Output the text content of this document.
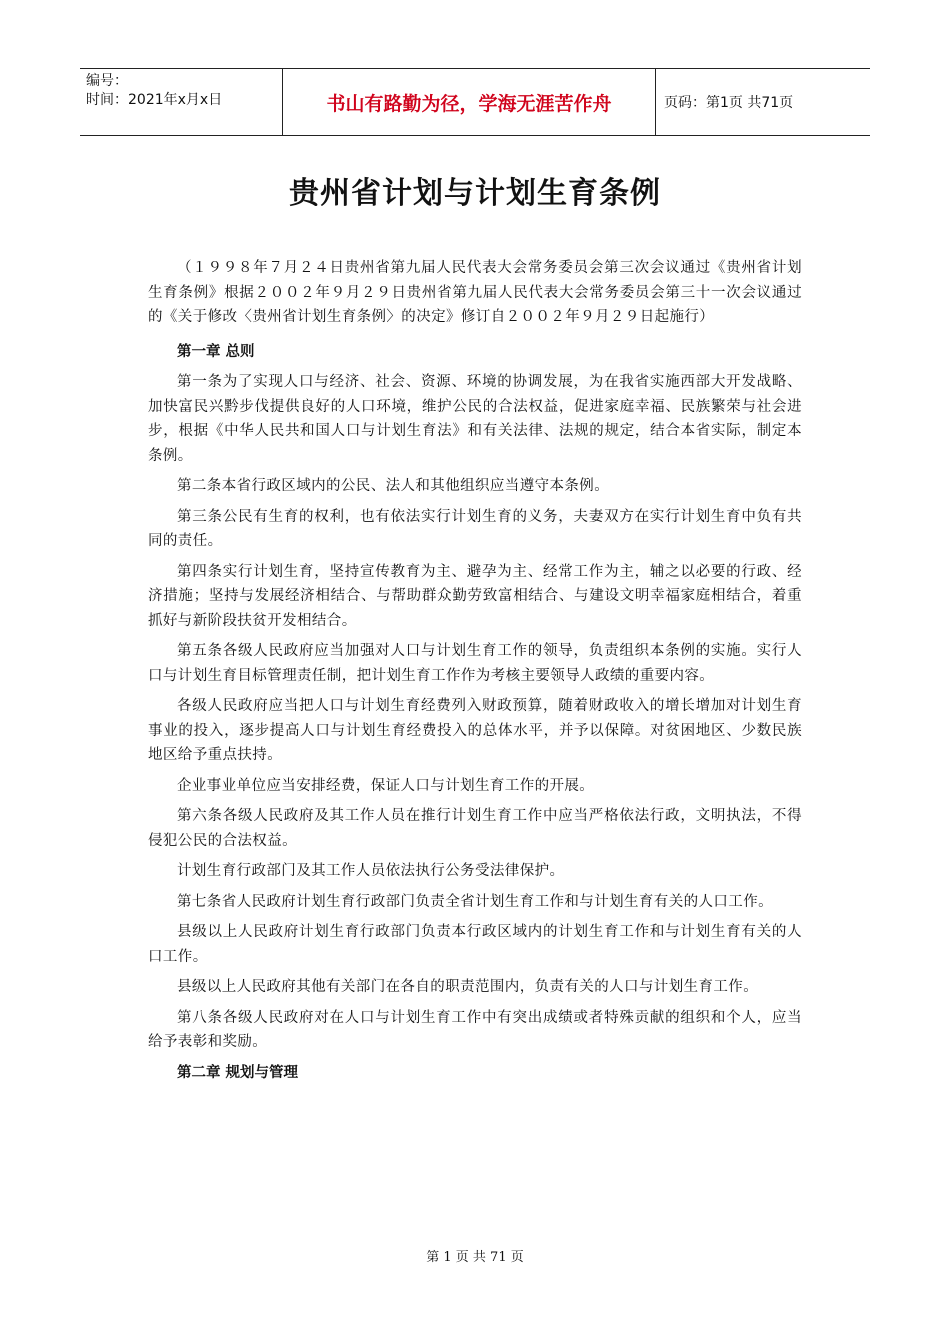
编号：
时间：2021年x月x日	书山有路勤为径，学海无涯苦作舟	页码：第1页 共71页
贵州省计划与计划生育条例

（１９９８年７月２４日贵州省第九届人民代表大会常务委员会第三次会议通过《贵州省计划生育条例》根据２００２年９月２９日贵州省第九届人民代表大会常务委员会第三十一次会议通过的《关于修改〈贵州省计划生育条例〉的决定》修订自２００２年９月２９日起施行）

第一章 总则

第一条为了实现人口与经济、社会、资源、环境的协调发展，为在我省实施西部大开发战略、加快富民兴黔步伐提供良好的人口环境，维护公民的合法权益，促进家庭幸福、民族繁荣与社会进步，根据《中华人民共和国人口与计划生育法》和有关法律、法规的规定，结合本省实际，制定本条例。

第二条本省行政区域内的公民、法人和其他组织应当遵守本条例。

第三条公民有生育的权利，也有依法实行计划生育的义务，夫妻双方在实行计划生育中负有共同的责任。

第四条实行计划生育，坚持宣传教育为主、避孕为主、经常工作为主，辅之以必要的行政、经济措施；坚持与发展经济相结合、与帮助群众勤劳致富相结合、与建设文明幸福家庭相结合，着重抓好与新阶段扶贫开发相结合。

第五条各级人民政府应当加强对人口与计划生育工作的领导，负责组织本条例的实施。实行人口与计划生育目标管理责任制，把计划生育工作作为考核主要领导人政绩的重要内容。

各级人民政府应当把人口与计划生育经费列入财政预算，随着财政收入的增长增加对计划生育事业的投入，逐步提高人口与计划生育经费投入的总体水平，并予以保障。对贫困地区、少数民族地区给予重点扶持。

企业事业单位应当安排经费，保证人口与计划生育工作的开展。

第六条各级人民政府及其工作人员在推行计划生育工作中应当严格依法行政，文明执法，不得侵犯公民的合法权益。

计划生育行政部门及其工作人员依法执行公务受法律保护。

第七条省人民政府计划生育行政部门负责全省计划生育工作和与计划生育有关的人口工作。

县级以上人民政府计划生育行政部门负责本行政区域内的计划生育工作和与计划生育有关的人口工作。

县级以上人民政府其他有关部门在各自的职责范围内，负责有关的人口与计划生育工作。

第八条各级人民政府对在人口与计划生育工作中有突出成绩或者特殊贡献的组织和个人，应当给予表彰和奖励。

第二章 规划与管理
第 1 页 共 71 页
